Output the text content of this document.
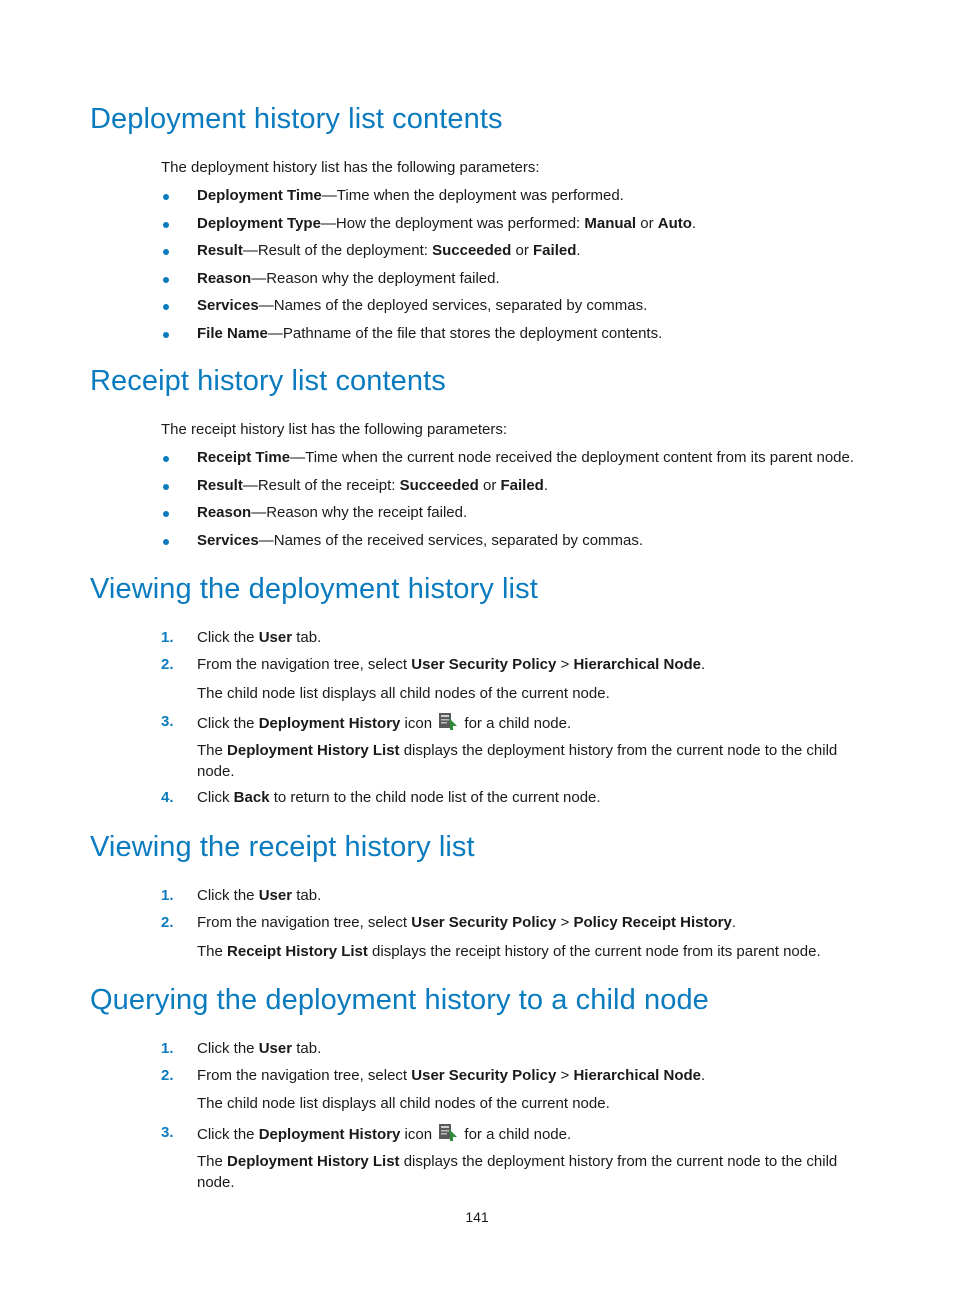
Deployment history list contents

The deployment history list has the following parameters:

Deployment Time—Time when the deployment was performed.
Deployment Type—How the deployment was performed: Manual or Auto.
Result—Result of the deployment: Succeeded or Failed.
Reason—Reason why the deployment failed.
Services—Names of the deployed services, separated by commas.
File Name—Pathname of the file that stores the deployment contents.
Receipt history list contents

The receipt history list has the following parameters:

Receipt Time—Time when the current node received the deployment content from its parent node.
Result—Result of the receipt: Succeeded or Failed.
Reason—Reason why the receipt failed.
Services—Names of the received services, separated by commas.
Viewing the deployment history list
1. Click the User tab.
2. From the navigation tree, select User Security Policy > Hierarchical Node.
The child node list displays all child nodes of the current node.
3. Click the Deployment History icon
for a child node.
The Deployment History List displays the deployment history from the current node to the child node.
4. Click Back to return to the child node list of the current node.
Viewing the receipt history list
1. Click the User tab.
2. From the navigation tree, select User Security Policy > Policy Receipt History.
The Receipt History List displays the receipt history of the current node from its parent node.
Querying the deployment history to a child node
1. Click the User tab.
2. From the navigation tree, select User Security Policy > Hierarchical Node.
The child node list displays all child nodes of the current node.
3. Click the Deployment History icon
for a child node.
The Deployment History List displays the deployment history from the current node to the child node.
141
